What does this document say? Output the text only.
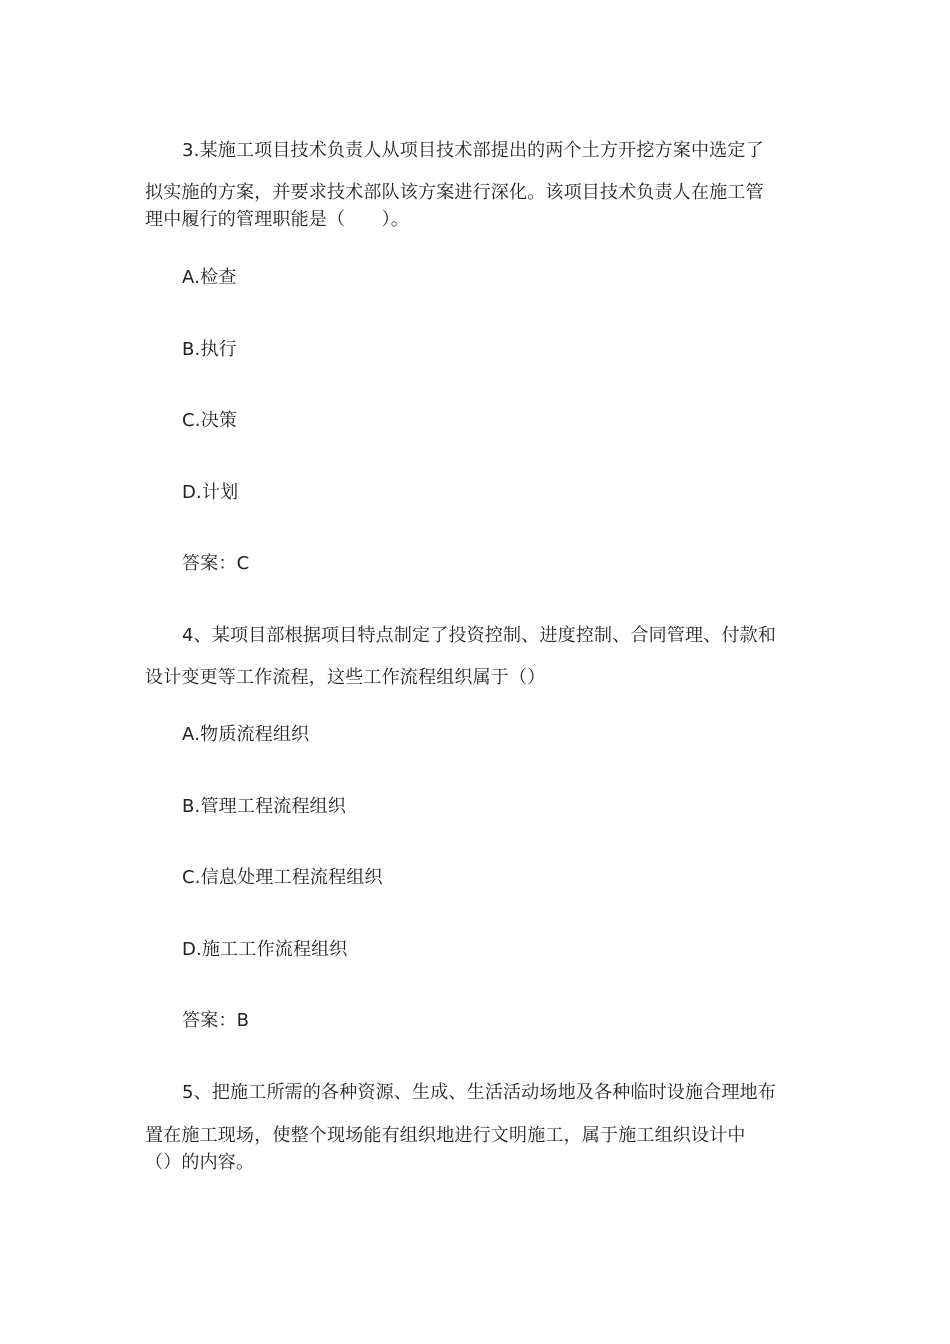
3.某施工项目技术负责人从项目技术部提出的两个土方开挖方案中选定了
拟实施的方案，并要求技术部队该方案进行深化。该项目技术负责人在施工管
理中履行的管理职能是（　　）。
A.检查
B.执行
C.决策
D.计划
答案：C
4、某项目部根据项目特点制定了投资控制、进度控制、合同管理、付款和
设计变更等工作流程，这些工作流程组织属于（）
A.物质流程组织
B.管理工程流程组织
C.信息处理工程流程组织
D.施工工作流程组织
答案：B
5、把施工所需的各种资源、生成、生活活动场地及各种临时设施合理地布
置在施工现场，使整个现场能有组织地进行文明施工，属于施工组织设计中
（）的内容。
